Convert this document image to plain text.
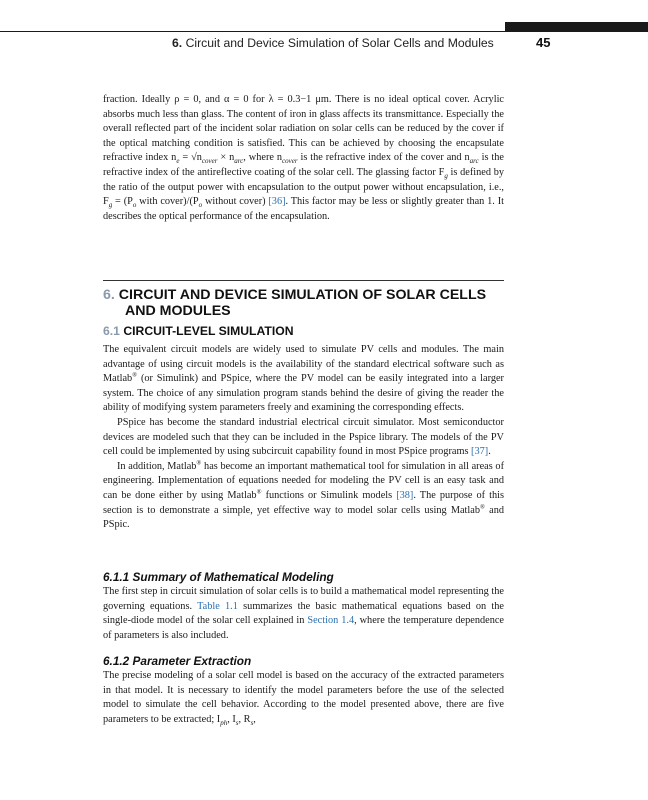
6. Circuit and Device Simulation of Solar Cells and Modules	45

fraction. Ideally ρ = 0, and α = 0 for λ = 0.3−1 μm. There is no ideal optical cover. Acrylic absorbs much less than glass. The content of iron in glass affects its transmittance. Especially the overall reflected part of the incident solar radiation on solar cells can be reduced by the cover if the optical matching condition is satisfied. This can be achieved by choosing the encapsulate refractive index $n_e = √n_{cover} \times n_{arc}$, where $n_{cover}$ is the refractive index of the cover and $n_{arc}$ is the refractive index of the antireflective coating of the solar cell. The glassing factor $F_g$ is defined by the ratio of the output power with encapsulation to the output power without encapsulation, i.e., $F_g = (P_o$ with $cover)/(P_o$ without cover) [36]. This factor may be less or slightly greater than 1. It describes the optical performance of the encapsulation.

6. CIRCUIT AND DEVICE SIMULATION OF SOLAR CELLS
AND MODULES
6.1 CIRCUIT-LEVEL SIMULATION

The equivalent circuit models are widely used to simulate PV cells and modules. The main advantage of using circuit models is the availability of the standard electrical software such as Matlab® (or Simulink) and PSpice, where the PV model can be easily integrated into a larger system. The choice of any simulation program stands behind the desire of giving the reader the ability of modifying system parameters freely and examining the corresponding effects.

PSpice has become the standard industrial electrical circuit simulator. Most semiconductor devices are modeled such that they can be included in the Pspice library. The models of the PV cell could be implemented by using subcircuit capability found in most PSpice programs [37].

In addition, Matlab® has become an important mathematical tool for simulation in all areas of engineering. Implementation of equations needed for modeling the PV cell is an easy task and can be done either by using Matlab® functions or Simulink models [38]. The purpose of this section is to demonstrate a simple, yet effective way to model solar cells using Matlab® and PSpic.

6.1.1 Summary of Mathematical Modeling

The first step in circuit simulation of solar cells is to build a mathematical model representing the governing equations. Table 1.1 summarizes the basic mathematical equations based on the single-diode model of the solar cell explained in Section 1.4, where the temperature dependence of parameters is also included.

6.1.2 Parameter Extraction

The precise modeling of a solar cell model is based on the accuracy of the extracted parameters in that model. It is necessary to identify the model parameters before the use of the selected model to simulate the cell behavior. According to the model presented above, there are five parameters to be extracted; $I_{ph}$, $I_s$, $R_s$,
